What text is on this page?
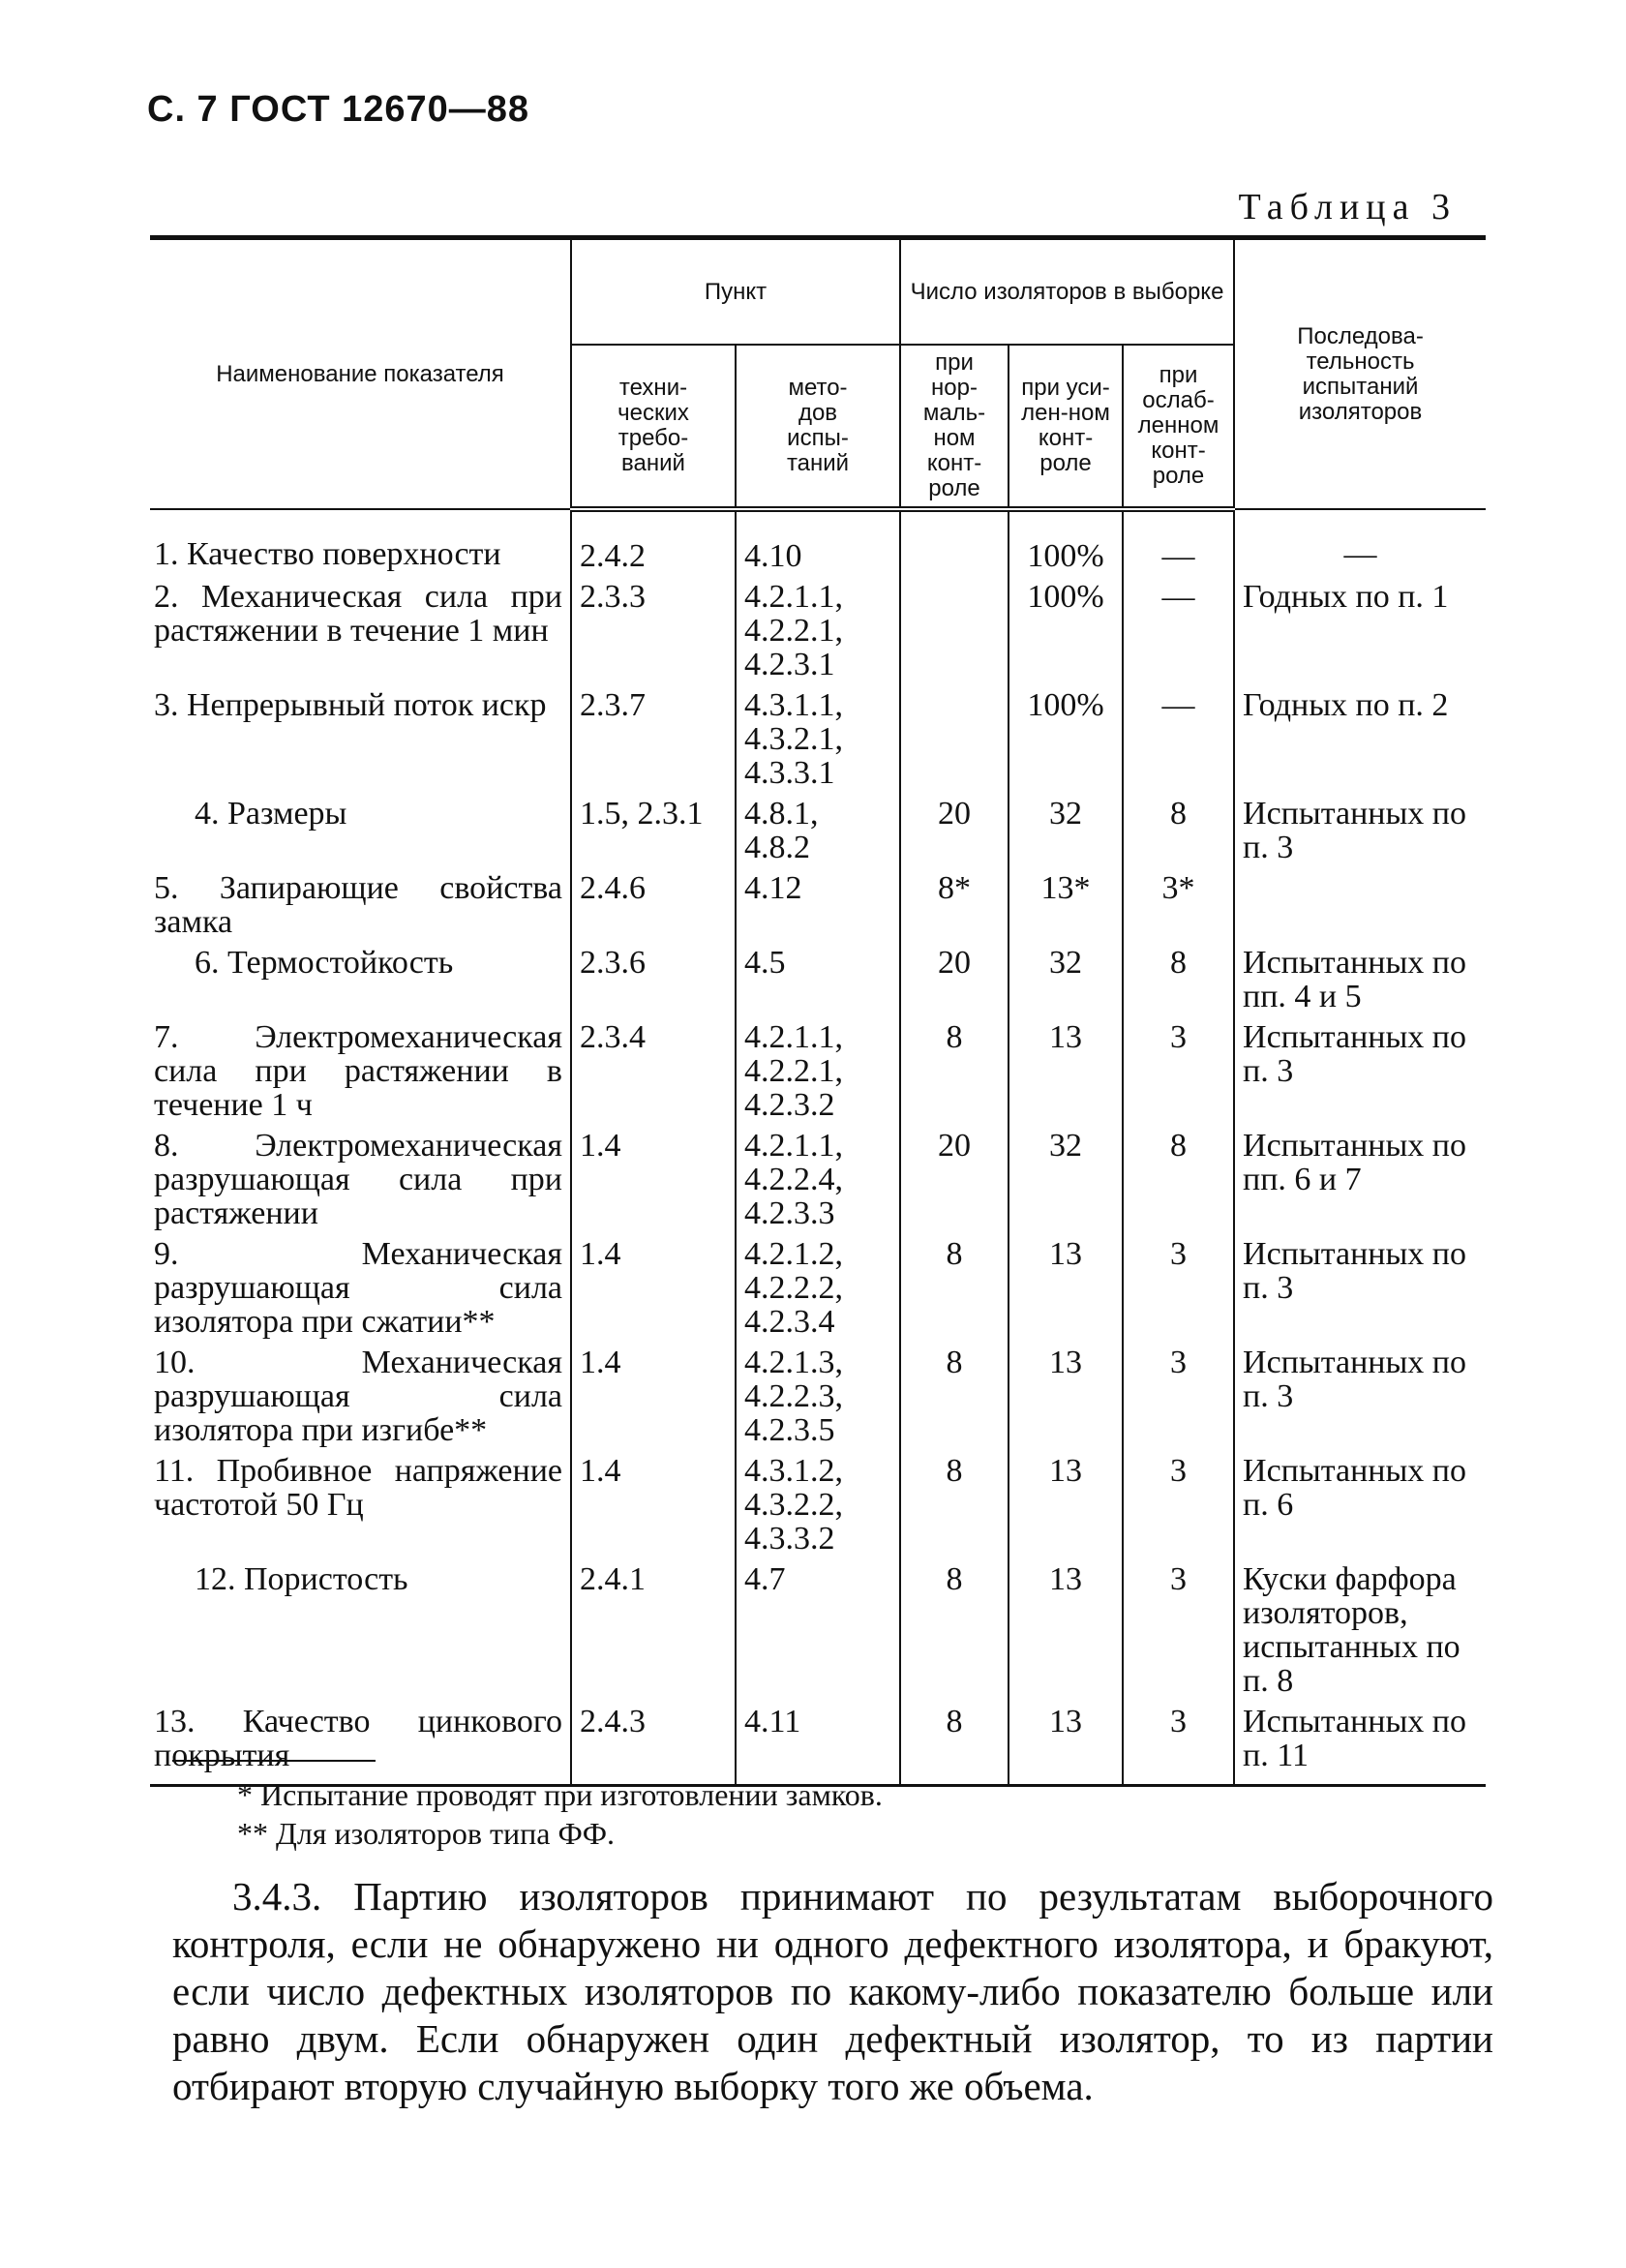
С. 7 ГОСТ 12670—88
Таблица 3
Наименование показателя	Пункт		Число изоляторов в выборке			Последова-тельность испытаний изоляторов
	техни-ческих требо-ваний	мето-дов испы-таний	при нор-маль-ном конт-роле	при уси-лен-ном конт-роле	при ослаб-ленном конт-роле	
1. Качество поверхности	2.4.2	4.10		100%	—	—
2. Механическая сила при растяжении в течение 1 мин	2.3.3	4.2.1.1, 4.2.2.1, 4.2.3.1		100%	—	Годных по п. 1
3. Непрерывный поток искр	2.3.7	4.3.1.1, 4.3.2.1, 4.3.3.1		100%	—	Годных по п. 2
4. Размеры	1.5, 2.3.1	4.8.1, 4.8.2	20	32	8	Испытанных по п. 3
5. Запирающие свойства замка	2.4.6	4.12	8*	13*	3*	
6. Термостойкость	2.3.6	4.5	20	32	8	Испытанных по пп. 4 и 5
7. Электромеханическая сила при растяжении в течение 1 ч	2.3.4	4.2.1.1, 4.2.2.1, 4.2.3.2	8	13	3	Испытанных по п. 3
8. Электромеханическая разрушающая сила при растяжении	1.4	4.2.1.1, 4.2.2.4, 4.2.3.3	20	32	8	Испытанных по пп. 6 и 7
9. Механическая разрушающая сила изолятора при сжатии**	1.4	4.2.1.2, 4.2.2.2, 4.2.3.4	8	13	3	Испытанных по п. 3
10. Механическая разрушающая сила изолятора при изгибе**	1.4	4.2.1.3, 4.2.2.3, 4.2.3.5	8	13	3	Испытанных по п. 3
11. Пробивное напряжение частотой 50 Гц	1.4	4.3.1.2, 4.3.2.2, 4.3.3.2	8	13	3	Испытанных по п. 6
12. Пористость	2.4.1	4.7	8	13	3	Куски фарфора изоляторов, испытанных по п. 8
13. Качество цинкового покрытия	2.4.3	4.11	8	13	3	Испытанных по п. 11
* Испытание проводят при изготовлении замков.
** Для изоляторов типа ФФ.
3.4.3. Партию изоляторов принимают по результатам выборочного контроля, если не обнаружено ни одного дефектного изолятора, и бракуют, если число дефектных изоляторов по какому-либо показателю больше или равно двум. Если обнаружен один дефектный изолятор, то из партии отбирают вторую случайную выборку того же объема.
